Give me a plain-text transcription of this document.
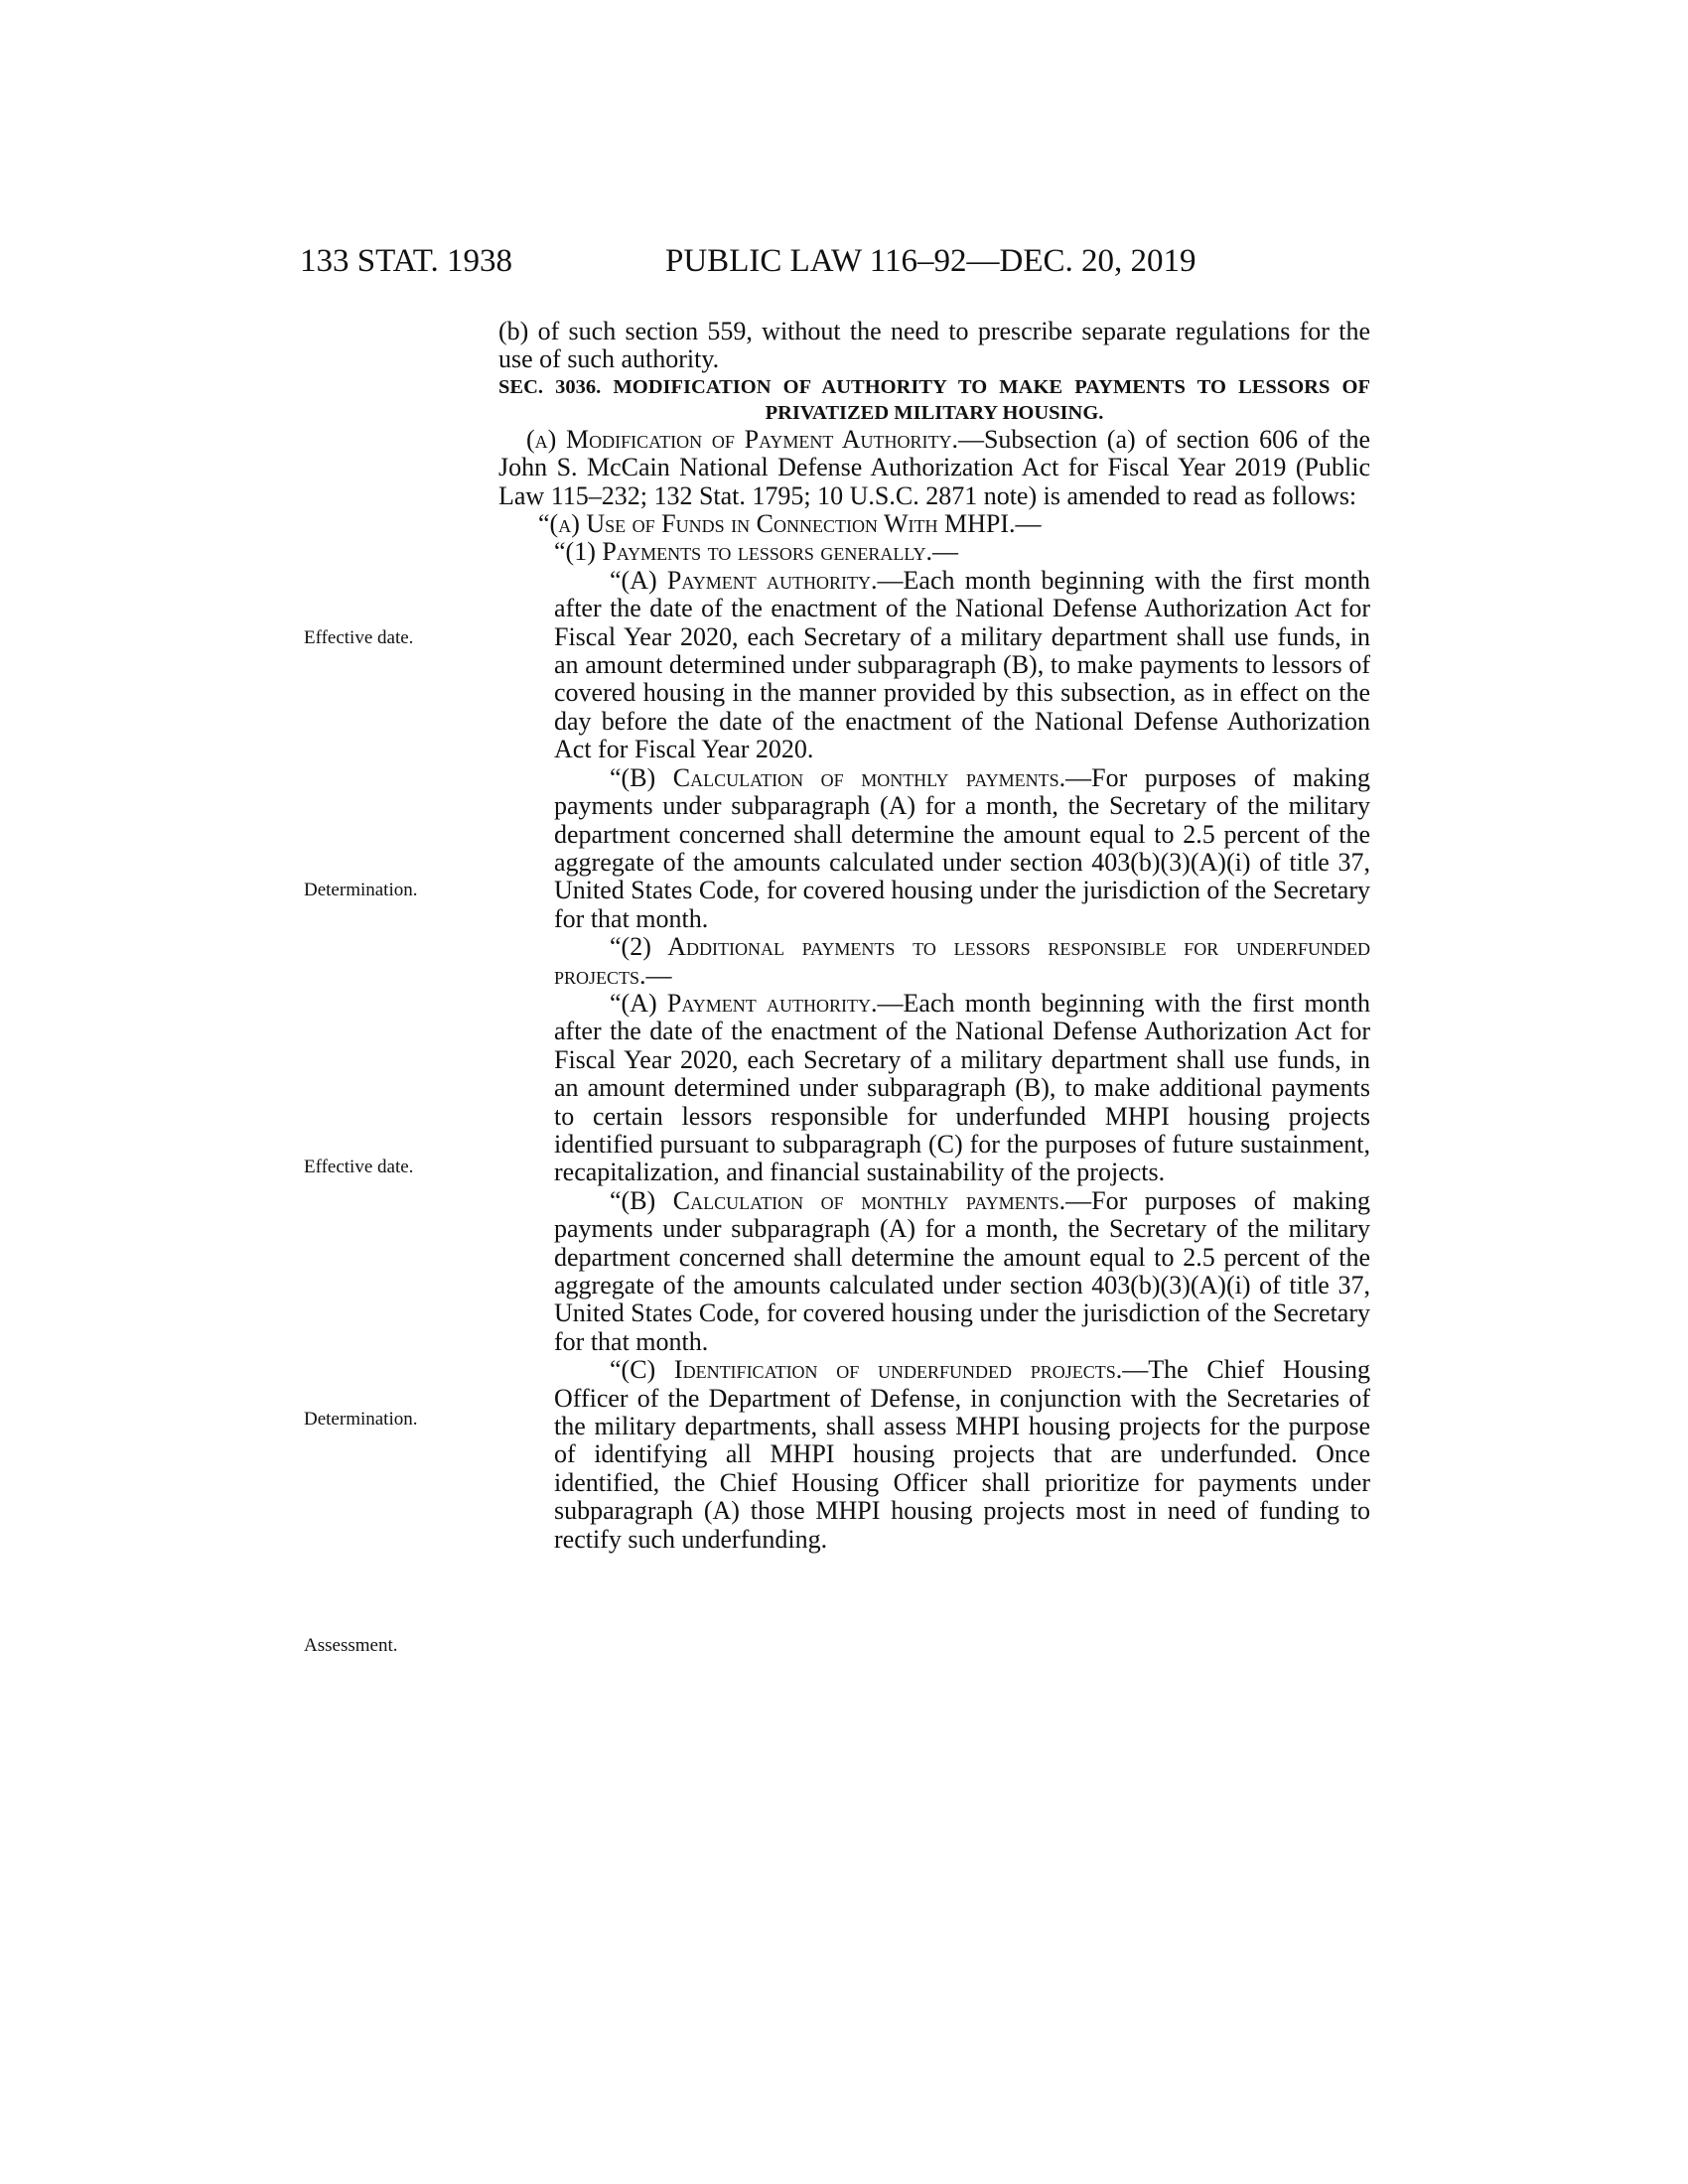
133 STAT. 1938	PUBLIC LAW 116–92—DEC. 20, 2019
Effective date.
Determination.
Effective date.
Determination.
Assessment.

(b) of such section 559, without the need to prescribe separate regulations for the use of such authority.

SEC. 3036. MODIFICATION OF AUTHORITY TO MAKE PAYMENTS TO LESSORS OF PRIVATIZED MILITARY HOUSING.

(a) Modification of Payment Authority.—Subsection (a) of section 606 of the John S. McCain National Defense Authorization Act for Fiscal Year 2019 (Public Law 115–232; 132 Stat. 1795; 10 U.S.C. 2871 note) is amended to read as follows:

“(a) Use of Funds in Connection With MHPI.—

“(1) Payments to lessors generally.—

“(A) Payment authority.—Each month beginning with the first month after the date of the enactment of the National Defense Authorization Act for Fiscal Year 2020, each Secretary of a military department shall use funds, in an amount determined under subparagraph (B), to make payments to lessors of covered housing in the manner provided by this subsection, as in effect on the day before the date of the enactment of the National Defense Authorization Act for Fiscal Year 2020.

“(B) Calculation of monthly payments.—For purposes of making payments under subparagraph (A) for a month, the Secretary of the military department concerned shall determine the amount equal to 2.5 percent of the aggregate of the amounts calculated under section 403(b)(3)(A)(i) of title 37, United States Code, for covered housing under the jurisdiction of the Secretary for that month.

“(2) Additional payments to lessors responsible for underfunded projects.—

“(A) Payment authority.—Each month beginning with the first month after the date of the enactment of the National Defense Authorization Act for Fiscal Year 2020, each Secretary of a military department shall use funds, in an amount determined under subparagraph (B), to make additional payments to certain lessors responsible for underfunded MHPI housing projects identified pursuant to subparagraph (C) for the purposes of future sustainment, recapitalization, and financial sustainability of the projects.

“(B) Calculation of monthly payments.—For purposes of making payments under subparagraph (A) for a month, the Secretary of the military department concerned shall determine the amount equal to 2.5 percent of the aggregate of the amounts calculated under section 403(b)(3)(A)(i) of title 37, United States Code, for covered housing under the jurisdiction of the Secretary for that month.

“(C) Identification of underfunded projects.—The Chief Housing Officer of the Department of Defense, in conjunction with the Secretaries of the military departments, shall assess MHPI housing projects for the purpose of identifying all MHPI housing projects that are underfunded. Once identified, the Chief Housing Officer shall prioritize for payments under subparagraph (A) those MHPI housing projects most in need of funding to rectify such underfunding.
